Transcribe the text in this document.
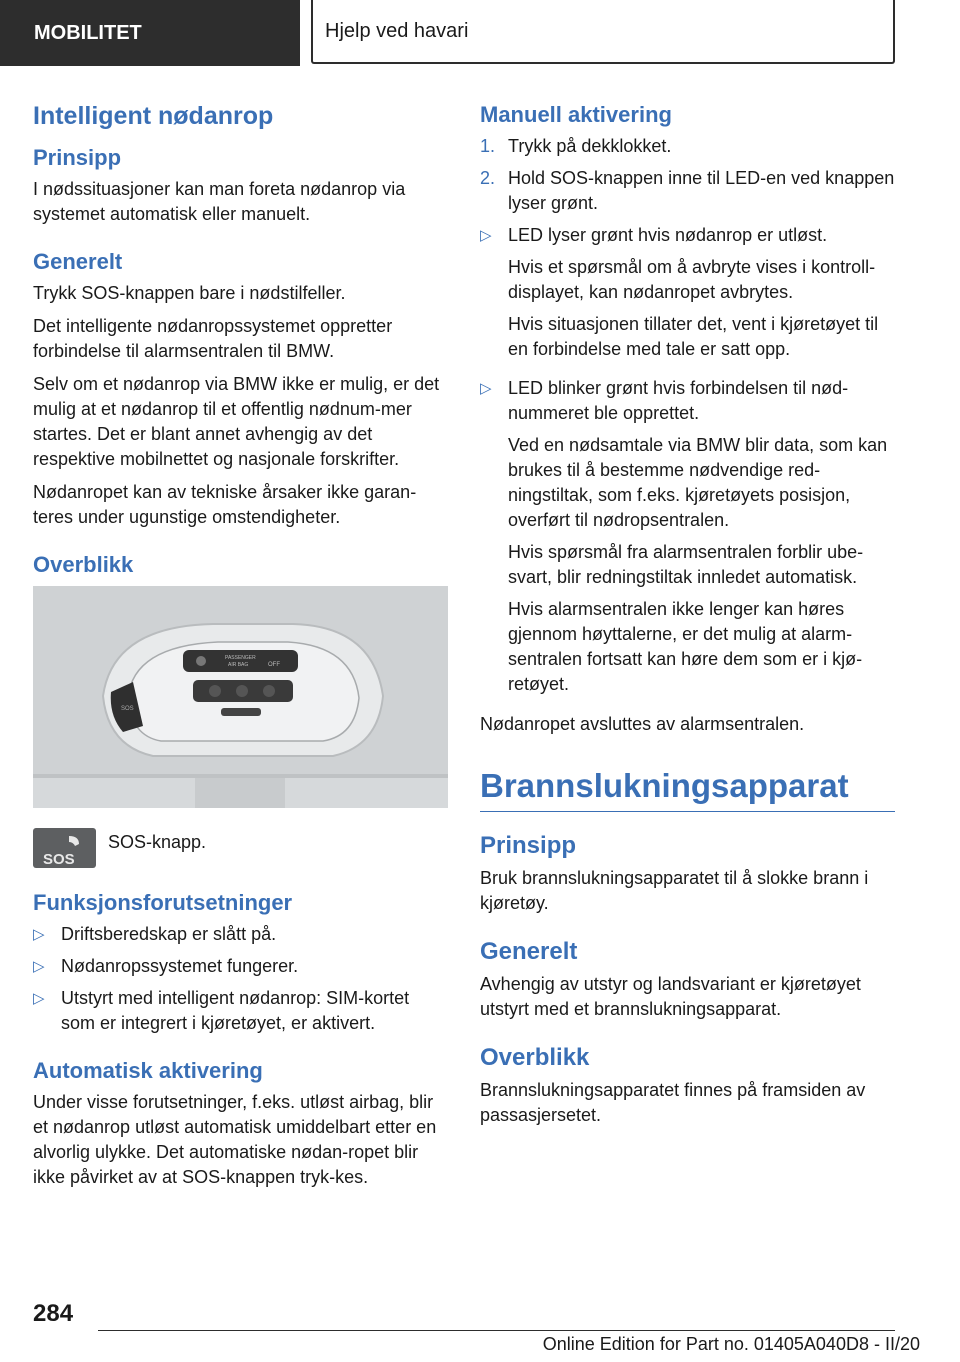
MOBILITET	Hjelp ved havari
Intelligent nødanrop
Prinsipp

I nødssituasjoner kan man foreta nødanrop via systemet automatisk eller manuelt.

Generelt

Trykk SOS-knappen bare i nødstilfeller.

Det intelligente nødanropssystemet oppretter forbindelse til alarmsentralen til BMW.

Selv om et nødanrop via BMW ikke er mulig, er det mulig at et nødanrop til et offentlig nødnum-mer startes. Det er blant annet avhengig av det respektive mobilnettet og nasjonale forskrifter.

Nødanropet kan av tekniske årsaker ikke garan-teres under ugunstige omstendigheter.

Overblikk
PASSENGER
AIR BAG	OFF
SOS
SOS
SOS-knapp.
Funksjonsforutsetninger
▷ Driftsberedskap er slått på.
▷ Nødanropssystemet fungerer.
▷ Utstyrt med intelligent nødanrop: SIM-kortet som er integrert i kjøretøyet, er aktivert.
Automatisk aktivering

Under visse forutsetninger, f.eks. utløst airbag, blir et nødanrop utløst automatisk umiddelbart etter en alvorlig ulykke. Det automatiske nødan-ropet blir ikke påvirket av at SOS-knappen tryk-kes.

Manuell aktivering
1. Trykk på dekklokket.
2. Hold SOS-knappen inne til LED-en ved knappen lyser grønt.
▷ LED lyser grønt hvis nødanrop er utløst.

Hvis et spørsmål om å avbryte vises i kontroll-displayet, kan nødanropet avbrytes.

Hvis situasjonen tillater det, vent i kjøretøyet til en forbindelse med tale er satt opp.

▷ LED blinker grønt hvis forbindelsen til nød-nummeret ble opprettet.

Ved en nødsamtale via BMW blir data, som kan brukes til å bestemme nødvendige red-ningstiltak, som f.eks. kjøretøyets posisjon, overført til nødropsentralen.

Hvis spørsmål fra alarmsentralen forblir ube-svart, blir redningstiltak innledet automatisk.

Hvis alarmsentralen ikke lenger kan høres gjennom høyttalerne, er det mulig at alarm-sentralen fortsatt kan høre dem som er i kjø-retøyet.

Nødanropet avsluttes av alarmsentralen.

Brannslukningsapparat
Prinsipp

Bruk brannslukningsapparatet til å slokke brann i kjøretøy.

Generelt

Avhengig av utstyr og landsvariant er kjøretøyet utstyrt med et brannslukningsapparat.

Overblikk

Brannslukningsapparatet finnes på framsiden av passasjersetet.

284
Online Edition for Part no. 01405A040D8 - II/20
